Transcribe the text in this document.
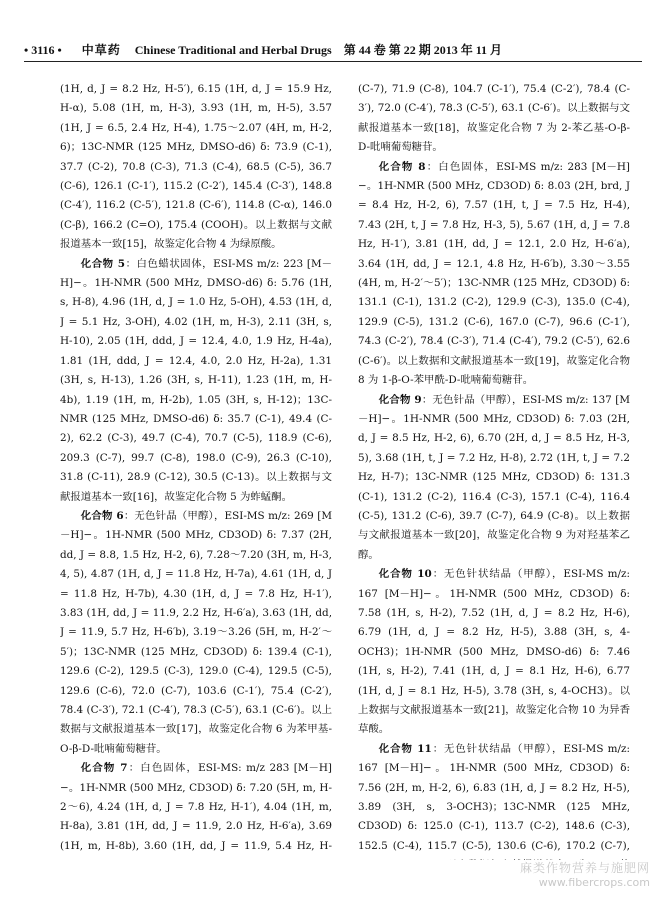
• 3116 • 中草药 Chinese Traditional and Herbal Drugs 第 44 卷 第 22 期 2013 年 11 月

(1H, d, J = 8.2 Hz, H-5′), 6.15 (1H, d, J = 15.9 Hz, H-α), 5.08 (1H, m, H-3), 3.93 (1H, m, H-5), 3.57 (1H, J = 6.5, 2.4 Hz, H-4), 1.75～2.07 (4H, m, H-2, 6)；13C-NMR (125 MHz, DMSO-d6) δ: 73.9 (C-1), 37.7 (C-2), 70.8 (C-3), 71.3 (C-4), 68.5 (C-5), 36.7 (C-6), 126.1 (C-1′), 115.2 (C-2′), 145.4 (C-3′), 148.8 (C-4′), 116.2 (C-5′), 121.8 (C-6′), 114.8 (C-α), 146.0 (C-β), 166.2 (C=O), 175.4 (COOH)。以上数据与文献报道基本一致[15]，故鉴定化合物 4 为绿原酸。

化合物 5：白色蜡状固体，ESI-MS m/z: 223 [M－H]−。1H-NMR (500 MHz, DMSO-d6) δ: 5.76 (1H, s, H-8), 4.96 (1H, d, J = 1.0 Hz, 5-OH), 4.53 (1H, d, J = 5.1 Hz, 3-OH), 4.02 (1H, m, H-3), 2.11 (3H, s, H-10), 2.05 (1H, ddd, J = 12.4, 4.0, 1.9 Hz, H-4a), 1.81 (1H, ddd, J = 12.4, 4.0, 2.0 Hz, H-2a), 1.31 (3H, s, H-13), 1.26 (3H, s, H-11), 1.23 (1H, m, H-4b), 1.19 (1H, m, H-2b), 1.05 (3H, s, H-12)；13C-NMR (125 MHz, DMSO-d6) δ: 35.7 (C-1), 49.4 (C-2), 62.2 (C-3), 49.7 (C-4), 70.7 (C-5), 118.9 (C-6), 209.3 (C-7), 99.7 (C-8), 198.0 (C-9), 26.3 (C-10), 31.8 (C-11), 28.9 (C-12), 30.5 (C-13)。以上数据与文献报道基本一致[16]，故鉴定化合物 5 为蚱蜢酮。

化合物 6：无色针晶（甲醇），ESI-MS m/z: 269 [M－H]−。1H-NMR (500 MHz, CD3OD) δ: 7.37 (2H, dd, J = 8.8, 1.5 Hz, H-2, 6), 7.28～7.20 (3H, m, H-3, 4, 5), 4.87 (1H, d, J = 11.8 Hz, H-7a), 4.61 (1H, d, J = 11.8 Hz, H-7b), 4.30 (1H, d, J = 7.8 Hz, H-1′), 3.83 (1H, dd, J = 11.9, 2.2 Hz, H-6′a), 3.63 (1H, dd, J = 11.9, 5.7 Hz, H-6′b), 3.19～3.26 (5H, m, H-2′～5′)；13C-NMR (125 MHz, CD3OD) δ: 139.4 (C-1), 129.6 (C-2), 129.5 (C-3), 129.0 (C-4), 129.5 (C-5), 129.6 (C-6), 72.0 (C-7), 103.6 (C-1′), 75.4 (C-2′), 78.4 (C-3′), 72.1 (C-4′), 78.3 (C-5′), 63.1 (C-6′)。以上数据与文献报道基本一致[17]，故鉴定化合物 6 为苯甲基-O-β-D-吡喃葡萄糖苷。

化合物 7：白色固体，ESI-MS: m/z 283 [M－H]−。1H-NMR (500 MHz, CD3OD) δ: 7.20 (5H, m, H-2～6), 4.24 (1H, d, J = 7.8 Hz, H-1′), 4.04 (1H, m, H-8a), 3.81 (1H, dd, J = 11.9, 2.0 Hz, H-6′a), 3.69 (1H, m, H-8b), 3.60 (1H, dd, J = 11.9, 5.4 Hz, H-

(C-7), 71.9 (C-8), 104.7 (C-1′), 75.4 (C-2′), 78.4 (C-3′), 72.0 (C-4′), 78.3 (C-5′), 63.1 (C-6′)。以上数据与文献报道基本一致[18]，故鉴定化合物 7 为 2-苯乙基-O-β-D-吡喃葡萄糖苷。

化合物 8：白色固体，ESI-MS m/z: 283 [M－H]−。1H-NMR (500 MHz, CD3OD) δ: 8.03 (2H, brd, J = 8.4 Hz, H-2, 6), 7.57 (1H, t, J = 7.5 Hz, H-4), 7.43 (2H, t, J = 7.8 Hz, H-3, 5), 5.67 (1H, d, J = 7.8 Hz, H-1′), 3.81 (1H, dd, J = 12.1, 2.0 Hz, H-6′a), 3.64 (1H, dd, J = 12.1, 4.8 Hz, H-6′b), 3.30～3.55 (4H, m, H-2′～5′)；13C-NMR (125 MHz, CD3OD) δ: 131.1 (C-1), 131.2 (C-2), 129.9 (C-3), 135.0 (C-4), 129.9 (C-5), 131.2 (C-6), 167.0 (C-7), 96.6 (C-1′), 74.3 (C-2′), 78.4 (C-3′), 71.4 (C-4′), 79.2 (C-5′), 62.6 (C-6′)。以上数据和文献报道基本一致[19]，故鉴定化合物 8 为 1-β-O-苯甲酰-D-吡喃葡萄糖苷。

化合物 9：无色针晶（甲醇），ESI-MS m/z: 137 [M－H]−。1H-NMR (500 MHz, CD3OD) δ: 7.03 (2H, d, J = 8.5 Hz, H-2, 6), 6.70 (2H, d, J = 8.5 Hz, H-3, 5), 3.68 (1H, t, J = 7.2 Hz, H-8), 2.72 (1H, t, J = 7.2 Hz, H-7)；13C-NMR (125 MHz, CD3OD) δ: 131.3 (C-1), 131.2 (C-2), 116.4 (C-3), 157.1 (C-4), 116.4 (C-5), 131.2 (C-6), 39.7 (C-7), 64.9 (C-8)。以上数据与文献报道基本一致[20]，故鉴定化合物 9 为对羟基苯乙醇。

化合物 10：无色针状结晶（甲醇），ESI-MS m/z: 167 [M－H]−。1H-NMR (500 MHz, CD3OD) δ: 7.58 (1H, s, H-2), 7.52 (1H, d, J = 8.2 Hz, H-6), 6.79 (1H, d, J = 8.2 Hz, H-5), 3.88 (3H, s, 4-OCH3)；1H-NMR (500 MHz, DMSO-d6) δ: 7.46 (1H, s, H-2), 7.41 (1H, d, J = 8.1 Hz, H-6), 6.77 (1H, d, J = 8.1 Hz, H-5), 3.78 (3H, s, 4-OCH3)。以上数据与文献报道基本一致[21]，故鉴定化合物 10 为异香草酸。

化合物 11：无色针状结晶（甲醇），ESI-MS m/z: 167 [M－H]−。1H-NMR (500 MHz, CD3OD) δ: 7.56 (2H, m, H-2, 6), 6.83 (1H, d, J = 8.2 Hz, H-5), 3.89 (3H, s, 3-OCH3)；13C-NMR (125 MHz, CD3OD) δ: 125.0 (C-1), 113.7 (C-2), 148.6 (C-3), 152.5 (C-4), 115.7 (C-5), 130.6 (C-6), 170.2 (C-7),

麻类作物营养与施肥网
www.fibercrops.com
